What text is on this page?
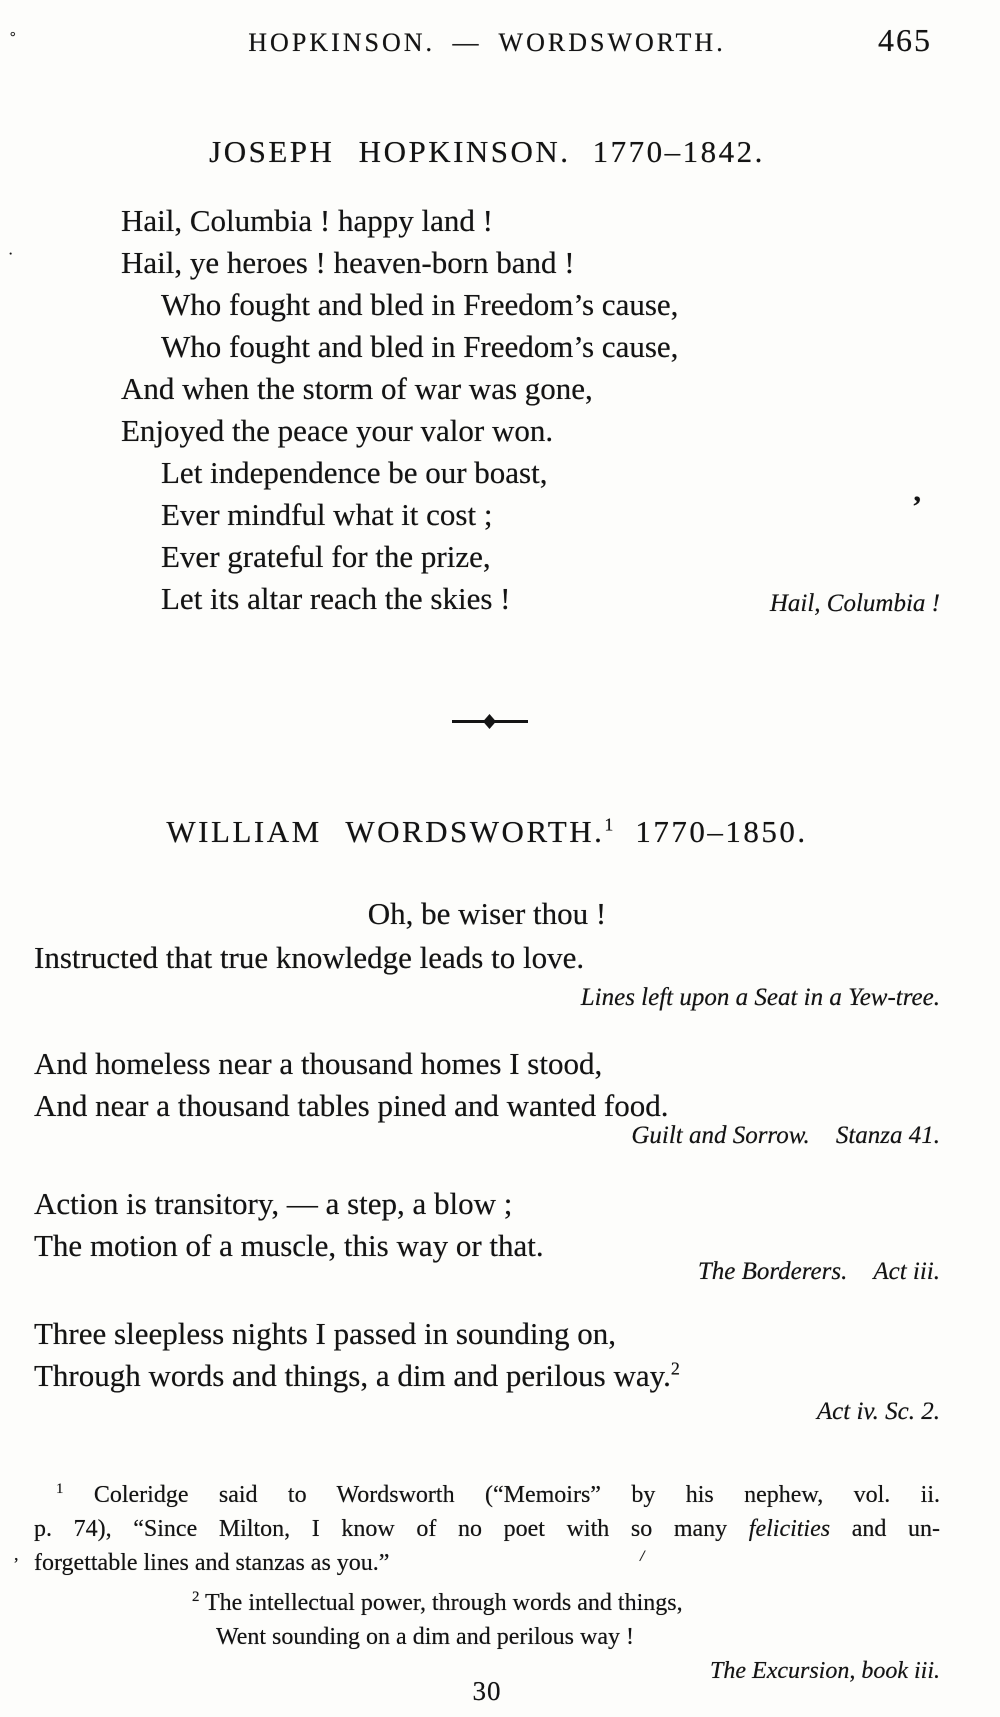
HOPKINSON. — WORDSWORTH.	465
JOSEPH HOPKINSON. 1770–1842.
Hail, Columbia ! happy land !
Hail, ye heroes ! heaven-born band !
Who fought and bled in Freedom’s cause,
Who fought and bled in Freedom’s cause,
And when the storm of war was gone,
Enjoyed the peace your valor won.
Let independence be our boast,
Ever mindful what it cost ;
Ever grateful for the prize,
Let its altar reach the skies !	Hail, Columbia !
WILLIAM WORDSWORTH.$^1$ 1770–1850.
Oh, be wiser thou !
Instructed that true knowledge leads to love.
Lines left upon a Seat in a Yew-tree.
And homeless near a thousand homes I stood,
And near a thousand tables pined and wanted food.
Guilt and Sorrow. Stanza 41.
Action is transitory, — a step, a blow ;
The motion of a muscle, this way or that.
The Borderers. Act iii.
Three sleepless nights I passed in sounding on,
Through words and things, a dim and perilous way.$^2$
Act iv. Sc. 2.
$^1$ Coleridge said to Wordsworth (“Memoirs” by his nephew, vol. ii.
p. 74), “Since Milton, I know of no poet with so many felicities and un-
forgettable lines and stanzas as you.”
$^2$ The intellectual power, through words and things,
Went sounding on a dim and perilous way !
The Excursion, book iii.
30
°
·
’
,	/
